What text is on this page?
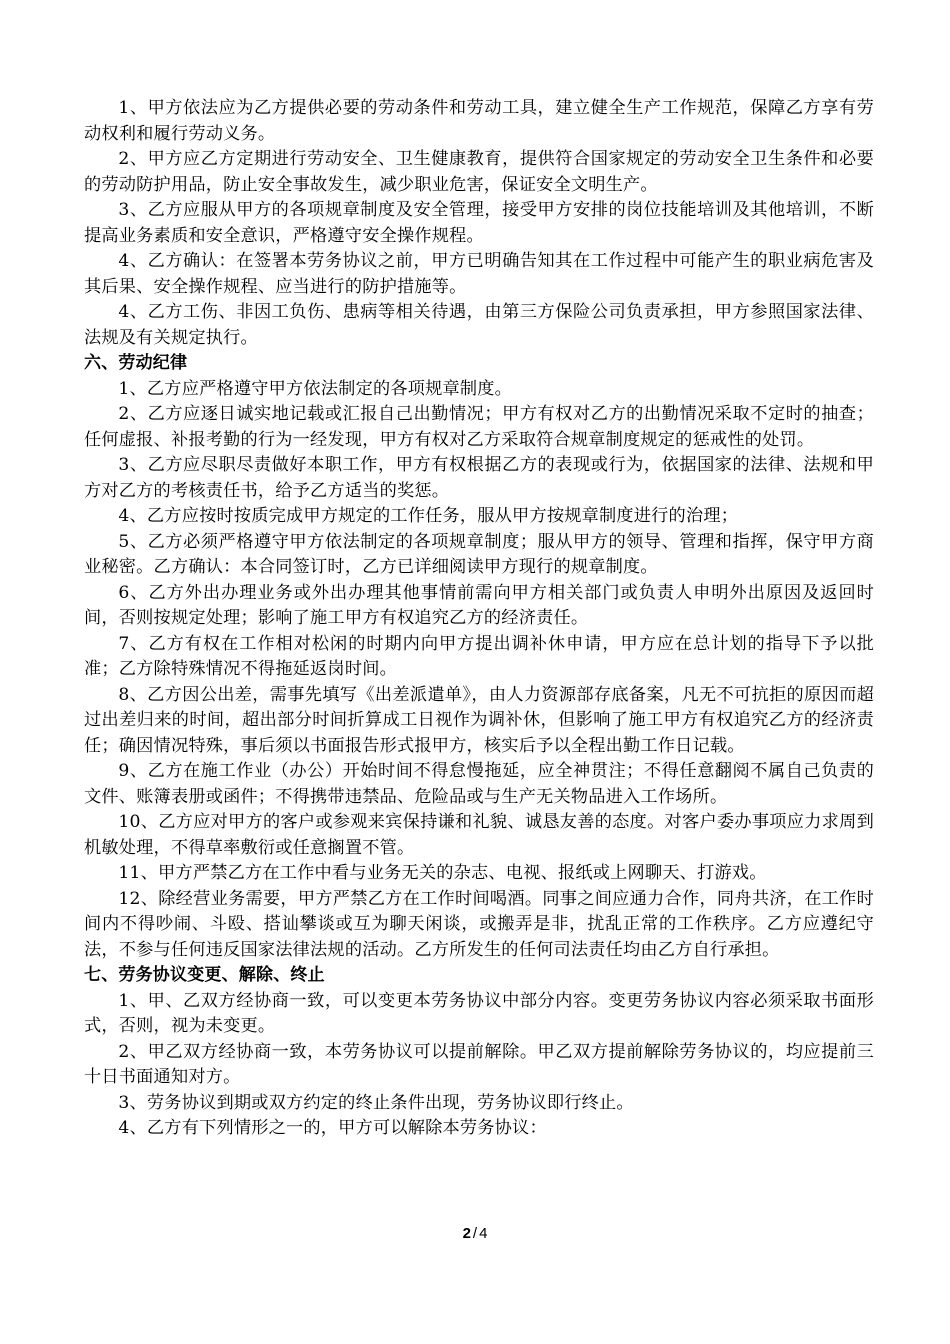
1、甲方依法应为乙方提供必要的劳动条件和劳动工具，建立健全生产工作规范，保障乙方享有劳动权利和履行劳动义务。

2、甲方应乙方定期进行劳动安全、卫生健康教育，提供符合国家规定的劳动安全卫生条件和必要的劳动防护用品，防止安全事故发生，减少职业危害，保证安全文明生产。

3、乙方应服从甲方的各项规章制度及安全管理，接受甲方安排的岗位技能培训及其他培训，不断提高业务素质和安全意识，严格遵守安全操作规程。

4、乙方确认：在签署本劳务协议之前，甲方已明确告知其在工作过程中可能产生的职业病危害及其后果、安全操作规程、应当进行的防护措施等。

4、乙方工伤、非因工负伤、患病等相关待遇，由第三方保险公司负责承担，甲方参照国家法律、法规及有关规定执行。

六、劳动纪律

1、乙方应严格遵守甲方依法制定的各项规章制度。

2、乙方应逐日诚实地记载或汇报自己出勤情况；甲方有权对乙方的出勤情况采取不定时的抽查；任何虚报、补报考勤的行为一经发现，甲方有权对乙方采取符合规章制度规定的惩戒性的处罚。

3、乙方应尽职尽责做好本职工作，甲方有权根据乙方的表现或行为，依据国家的法律、法规和甲方对乙方的考核责任书，给予乙方适当的奖惩。

4、乙方应按时按质完成甲方规定的工作任务，服从甲方按规章制度进行的治理；

5、乙方必须严格遵守甲方依法制定的各项规章制度；服从甲方的领导、管理和指挥，保守甲方商业秘密。乙方确认：本合同签订时，乙方已详细阅读甲方现行的规章制度。

6、乙方外出办理业务或外出办理其他事情前需向甲方相关部门或负责人申明外出原因及返回时间，否则按规定处理；影响了施工甲方有权追究乙方的经济责任。

7、乙方有权在工作相对松闲的时期内向甲方提出调补休申请，甲方应在总计划的指导下予以批准；乙方除特殊情况不得拖延返岗时间。

8、乙方因公出差，需事先填写《出差派遣单》，由人力资源部存底备案，凡无不可抗拒的原因而超过出差归来的时间，超出部分时间折算成工日视作为调补休，但影响了施工甲方有权追究乙方的经济责任；确因情况特殊，事后须以书面报告形式报甲方，核实后予以全程出勤工作日记载。

9、乙方在施工作业（办公）开始时间不得怠慢拖延，应全神贯注；不得任意翻阅不属自己负责的文件、账簿表册或函件；不得携带违禁品、危险品或与生产无关物品进入工作场所。

10、乙方应对甲方的客户或参观来宾保持谦和礼貌、诚恳友善的态度。对客户委办事项应力求周到机敏处理，不得草率敷衍或任意搁置不管。

11、甲方严禁乙方在工作中看与业务无关的杂志、电视、报纸或上网聊天、打游戏。

12、除经营业务需要，甲方严禁乙方在工作时间喝酒。同事之间应通力合作，同舟共济，在工作时间内不得吵闹、斗殴、搭讪攀谈或互为聊天闲谈，或搬弄是非，扰乱正常的工作秩序。乙方应遵纪守法，不参与任何违反国家法律法规的活动。乙方所发生的任何司法责任均由乙方自行承担。

七、劳务协议变更、解除、终止

1、甲、乙双方经协商一致，可以变更本劳务协议中部分内容。变更劳务协议内容必须采取书面形式，否则，视为未变更。

2、甲乙双方经协商一致，本劳务协议可以提前解除。甲乙双方提前解除劳务协议的，均应提前三十日书面通知对方。

3、劳务协议到期或双方约定的终止条件出现，劳务协议即行终止。

4、乙方有下列情形之一的，甲方可以解除本劳务协议：

2 / 4
